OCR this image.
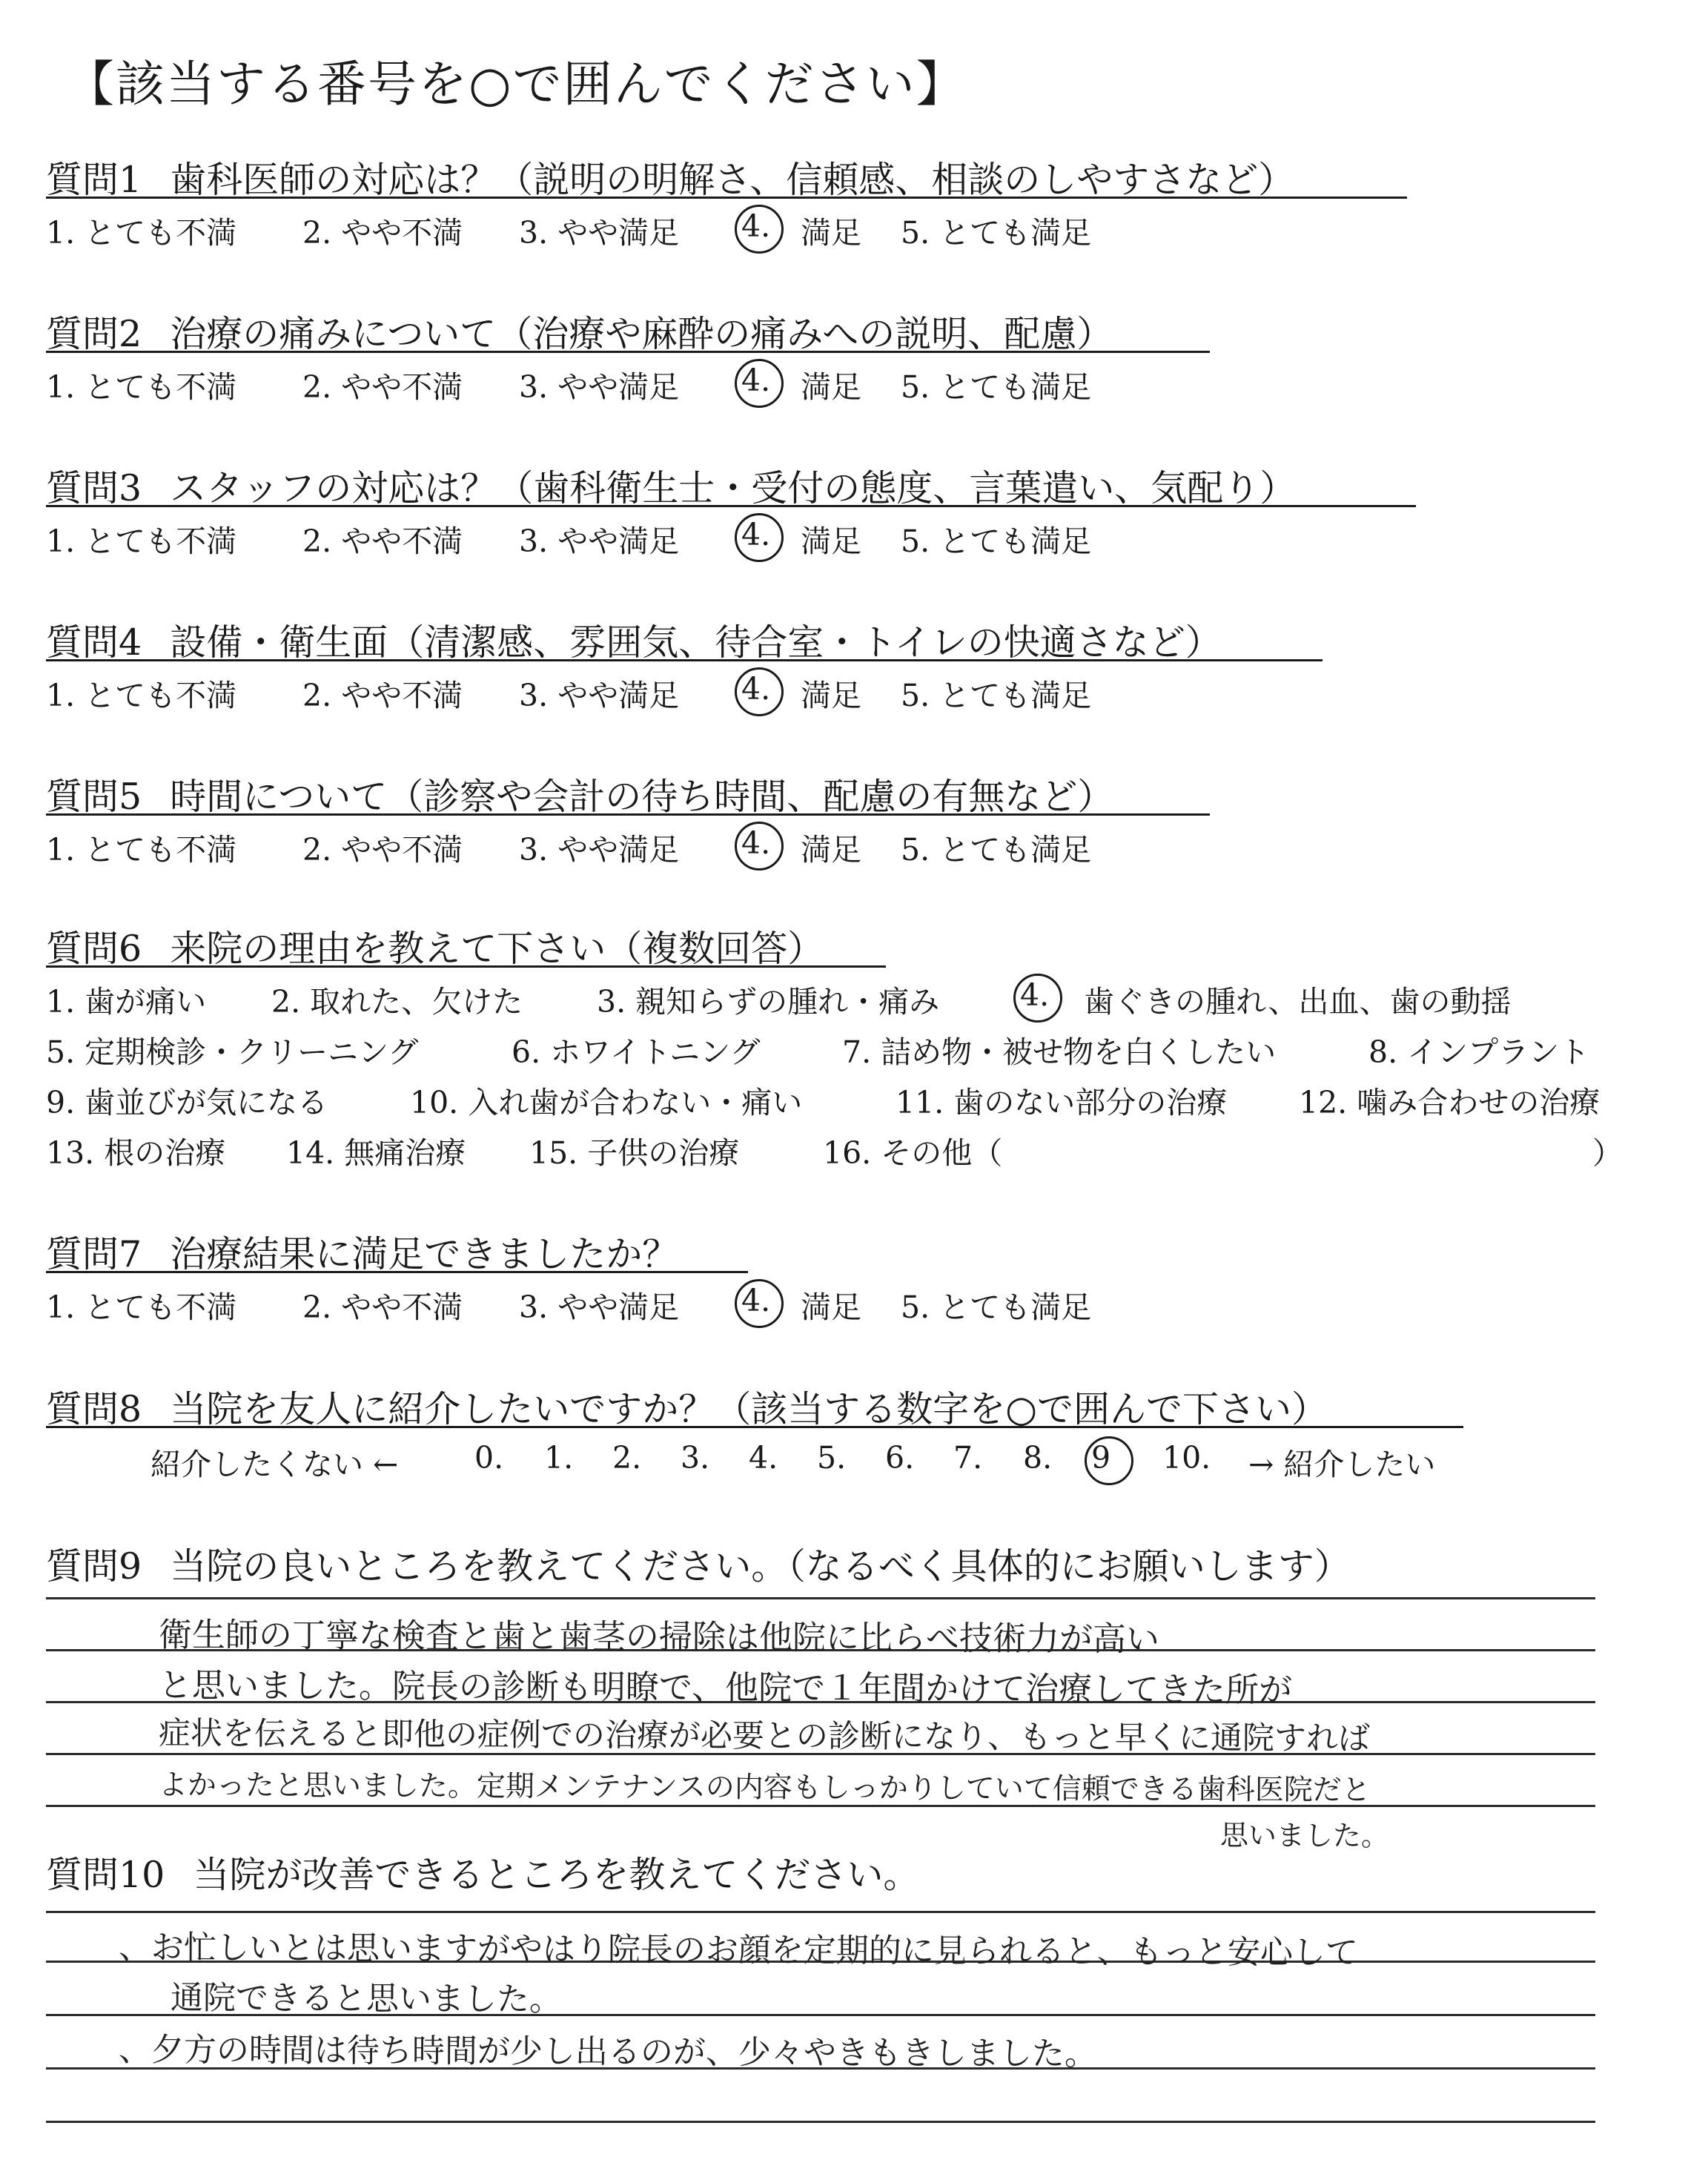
【該当する番号を○で囲んでください】
質問1 歯科医師の対応は？（説明の明解さ、信頼感、相談のしやすさなど）
1. とても不満 2. やや不満 3. やや満足 4. 満足 5. とても満足
質問2 治療の痛みについて（治療や麻酔の痛みへの説明、配慮）
1. とても不満 2. やや不満 3. やや満足 4. 満足 5. とても満足
質問3 スタッフの対応は？（歯科衛生士・受付の態度、言葉遣い、気配り）
1. とても不満 2. やや不満 3. やや満足 4. 満足 5. とても満足
質問4 設備・衛生面（清潔感、雰囲気、待合室・トイレの快適さなど）
1. とても不満 2. やや不満 3. やや満足 4. 満足 5. とても満足
質問5 時間について（診察や会計の待ち時間、配慮の有無など）
1. とても不満 2. やや不満 3. やや満足 4. 満足 5. とても満足
質問6 来院の理由を教えて下さい（複数回答）
1. 歯が痛い 2. 取れた、欠けた 3. 親知らずの腫れ・痛み	4. 歯ぐきの腫れ、出血、歯の動揺
5. 定期検診・クリーニング	6. ホワイトニング	7. 詰め物・被せ物を白くしたい	8. インプラント
9. 歯並びが気になる	10. 入れ歯が合わない・痛い	11. 歯のない部分の治療 12. 噛み合わせの治療
13. 根の治療 14. 無痛治療 15. 子供の治療	16. その他（	）
質問7 治療結果に満足できましたか？
1. とても不満 2. やや不満 3. やや満足 4. 満足 5. とても満足
質問8 当院を友人に紹介したいですか？（該当する数字を○で囲んで下さい）
紹介したくない ←	0. 1. 2. 3. 4. 5. 6. 7. 8. 9 10. → 紹介したい
質問9 当院の良いところを教えてください。（なるべく具体的にお願いします）
衛生師の丁寧な検査と歯と歯茎の掃除は他院に比らべ技術力が高い
と思いました。院長の診断も明瞭で、他院で１年間かけて治療してきた所が
症状を伝えると即他の症例での治療が必要との診断になり、もっと早くに通院すれば
よかったと思いました。定期メンテナンスの内容もしっかりしていて信頼できる歯科医院だと
思いました。
質問10 当院が改善できるところを教えてください。
、お忙しいとは思いますがやはり院長のお顔を定期的に見られると、もっと安心して
通院できると思いました。
、夕方の時間は待ち時間が少し出るのが、少々やきもきしました。
